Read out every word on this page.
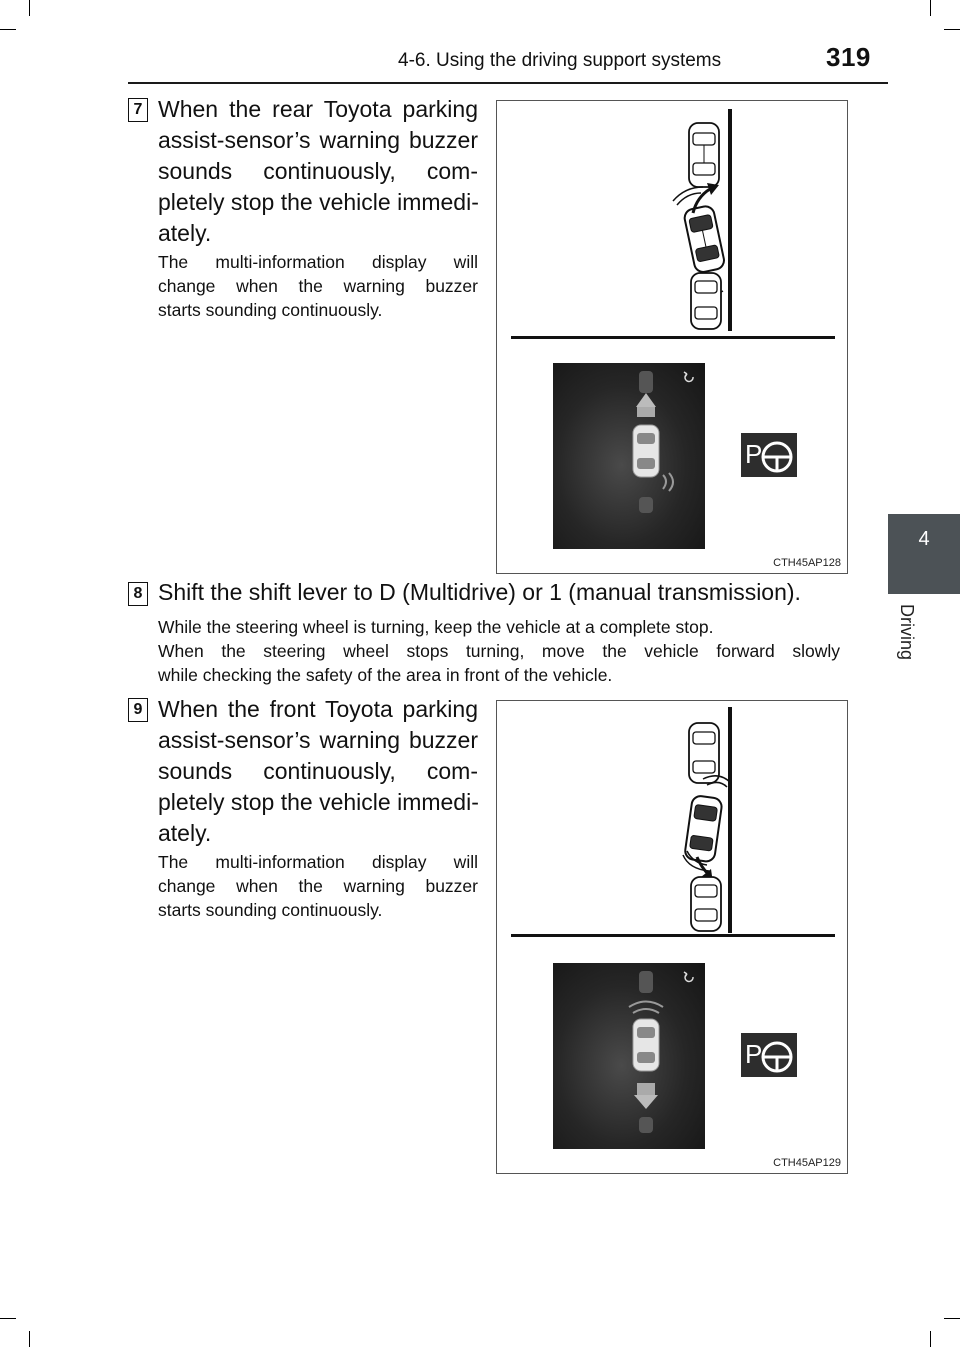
4-6. Using the driving support systems	319
4
Driving
7 When the rear Toyota parking
assist-sensor’s warning buzzer
sounds continuously, com-
pletely stop the vehicle immedi-
ately.
The multi-information display will
change when the warning buzzer
starts sounding continuously.
P
CTH45AP128
8 Shift the shift lever to D (Multidrive) or 1 (manual transmission).
While the steering wheel is turning, keep the vehicle at a complete stop.
When the steering wheel stops turning, move the vehicle forward slowly
while checking the safety of the area in front of the vehicle.
9 When the front Toyota parking
assist-sensor’s warning buzzer
sounds continuously, com-
pletely stop the vehicle immedi-
ately.
The multi-information display will
change when the warning buzzer
starts sounding continuously.
P
CTH45AP129
